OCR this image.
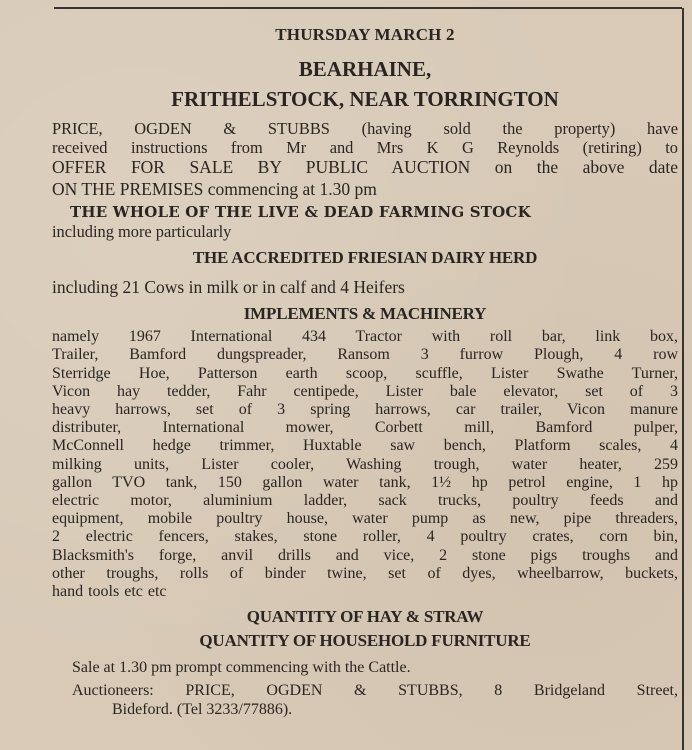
THURSDAY MARCH 2

BEARHAINE,

FRITHELSTOCK, NEAR TORRINGTON

PRICE, OGDEN & STUBBS (having sold the property) have

received instructions from Mr and Mrs K G Reynolds (retiring) to

OFFER FOR SALE BY PUBLIC AUCTION on the above date

ON THE PREMISES commencing at 1.30 pm

THE WHOLE OF THE LIVE & DEAD FARMING STOCK

including more particularly

THE ACCREDITED FRIESIAN DAIRY HERD

including 21 Cows in milk or in calf and 4 Heifers

IMPLEMENTS & MACHINERY

namely 1967 International 434 Tractor with roll bar, link box,

Trailer, Bamford dungspreader, Ransom 3 furrow Plough, 4 row

Sterridge Hoe, Patterson earth scoop, scuffle, Lister Swathe Turner,

Vicon hay tedder, Fahr centipede, Lister bale elevator, set of 3

heavy harrows, set of 3 spring harrows, car trailer, Vicon manure

distributer, International mower, Corbett mill, Bamford pulper,

McConnell hedge trimmer, Huxtable saw bench, Platform scales, 4

milking units, Lister cooler, Washing trough, water heater, 259

gallon TVO tank, 150 gallon water tank, 1½ hp petrol engine, 1 hp

electric motor, aluminium ladder, sack trucks, poultry feeds and

equipment, mobile poultry house, water pump as new, pipe threaders,

2 electric fencers, stakes, stone roller, 4 poultry crates, corn bin,

Blacksmith's forge, anvil drills and vice, 2 stone pigs troughs and

other troughs, rolls of binder twine, set of dyes, wheelbarrow, buckets,

hand tools etc etc

QUANTITY OF HAY & STRAW

QUANTITY OF HOUSEHOLD FURNITURE

Sale at 1.30 pm prompt commencing with the Cattle.

Auctioneers: PRICE, OGDEN & STUBBS, 8 Bridgeland Street,

Bideford. (Tel 3233/77886).
